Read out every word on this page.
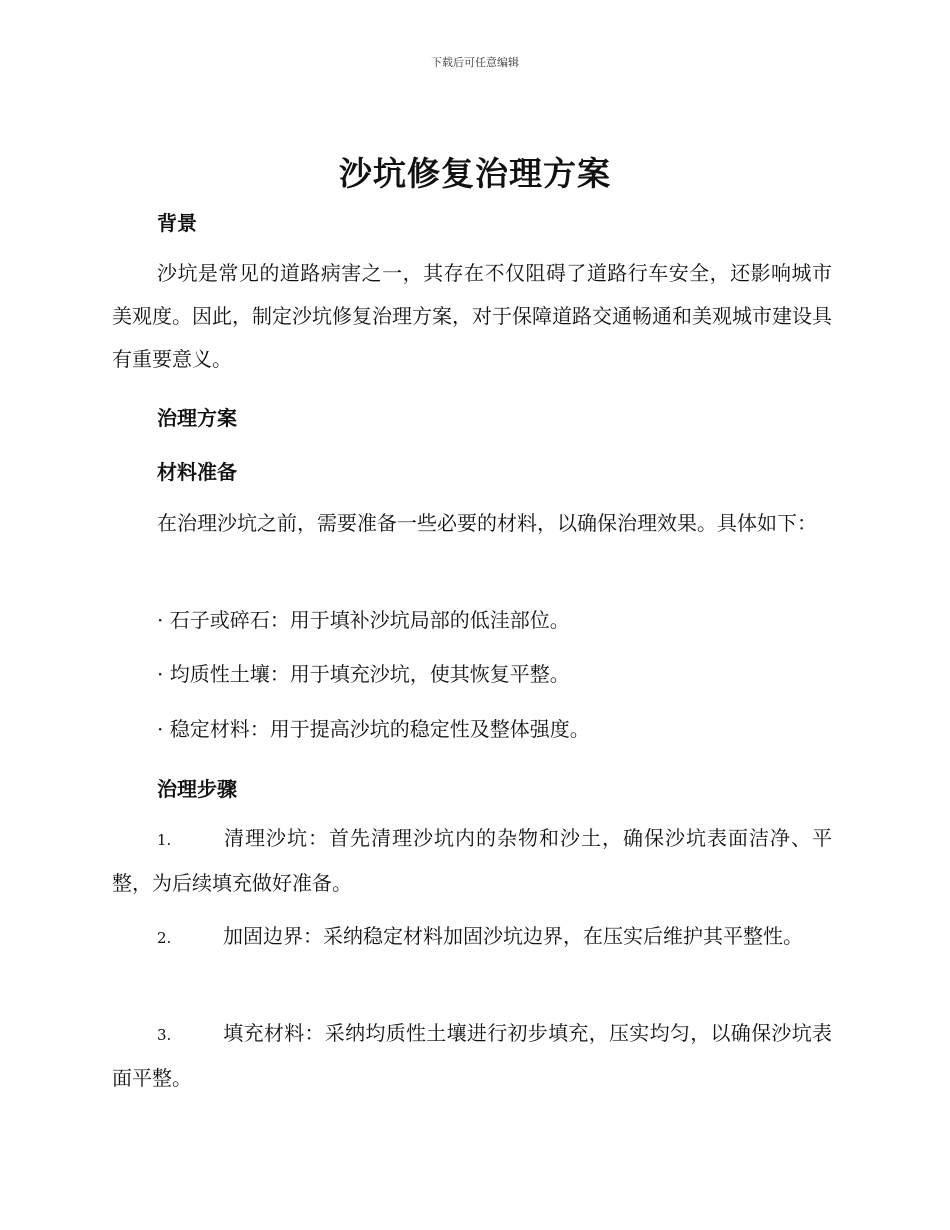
下载后可任意编辑
沙坑修复治理方案
背景

沙坑是常见的道路病害之一，其存在不仅阻碍了道路行车安全，还影响城市美观度。因此，制定沙坑修复治理方案，对于保障道路交通畅通和美观城市建设具有重要意义。

治理方案
材料准备

在治理沙坑之前，需要准备一些必要的材料，以确保治理效果。具体如下：

· 石子或碎石：用于填补沙坑局部的低洼部位。

· 均质性土壤：用于填充沙坑，使其恢复平整。

· 稳定材料：用于提高沙坑的稳定性及整体强度。

治理步骤

1.	清理沙坑：首先清理沙坑内的杂物和沙土，确保沙坑表面洁净、平整，为后续填充做好准备。

2.	加固边界：采纳稳定材料加固沙坑边界，在压实后维护其平整性。

3.	填充材料：采纳均质性土壤进行初步填充，压实均匀，以确保沙坑表面平整。
